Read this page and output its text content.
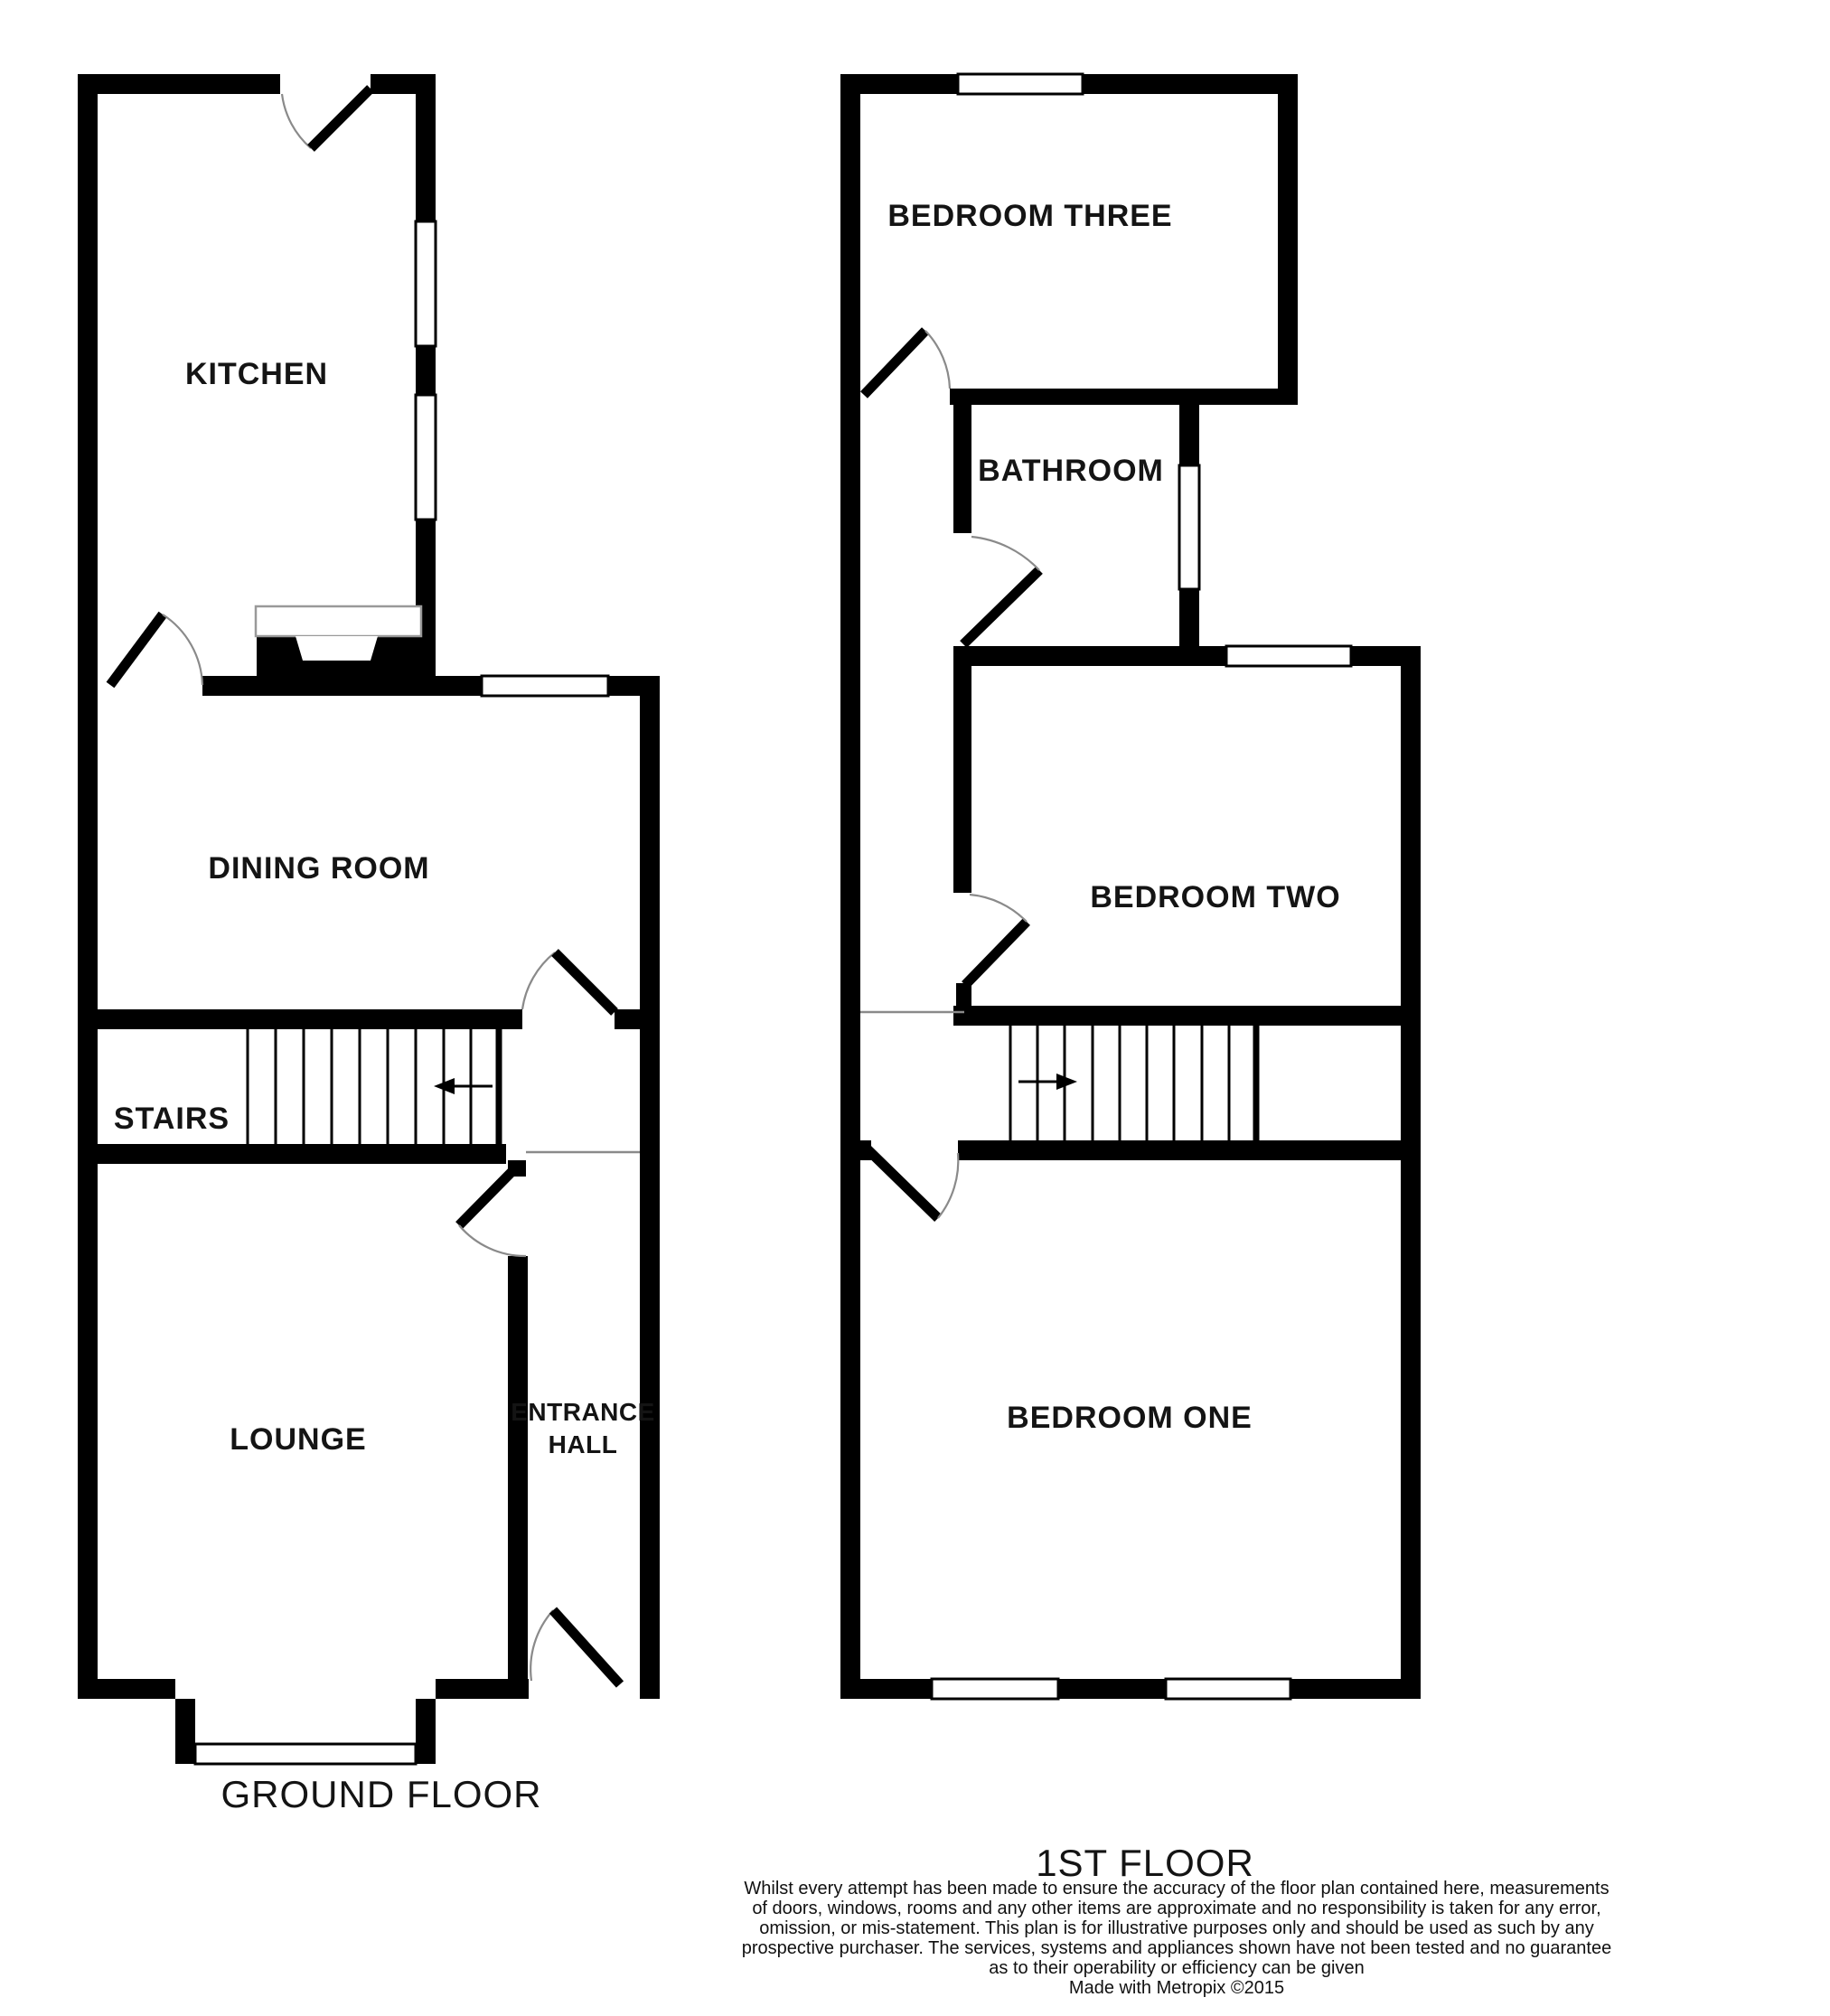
KITCHEN
DINING ROOM
STAIRS
LOUNGE
ENTRANCE
HALL
GROUND FLOOR
BEDROOM THREE
BATHROOM
BEDROOM TWO
BEDROOM ONE
1ST FLOOR
Whilst every attempt has been made to ensure the accuracy of the floor plan contained here, measurements
of doors, windows, rooms and any other items are approximate and no responsibility is taken for any error,
omission, or mis-statement. This plan is for illustrative purposes only and should be used as such by any
prospective purchaser. The services, systems and appliances shown have not been tested and no guarantee
as to their operability or efficiency can be given
Made with Metropix ©2015
